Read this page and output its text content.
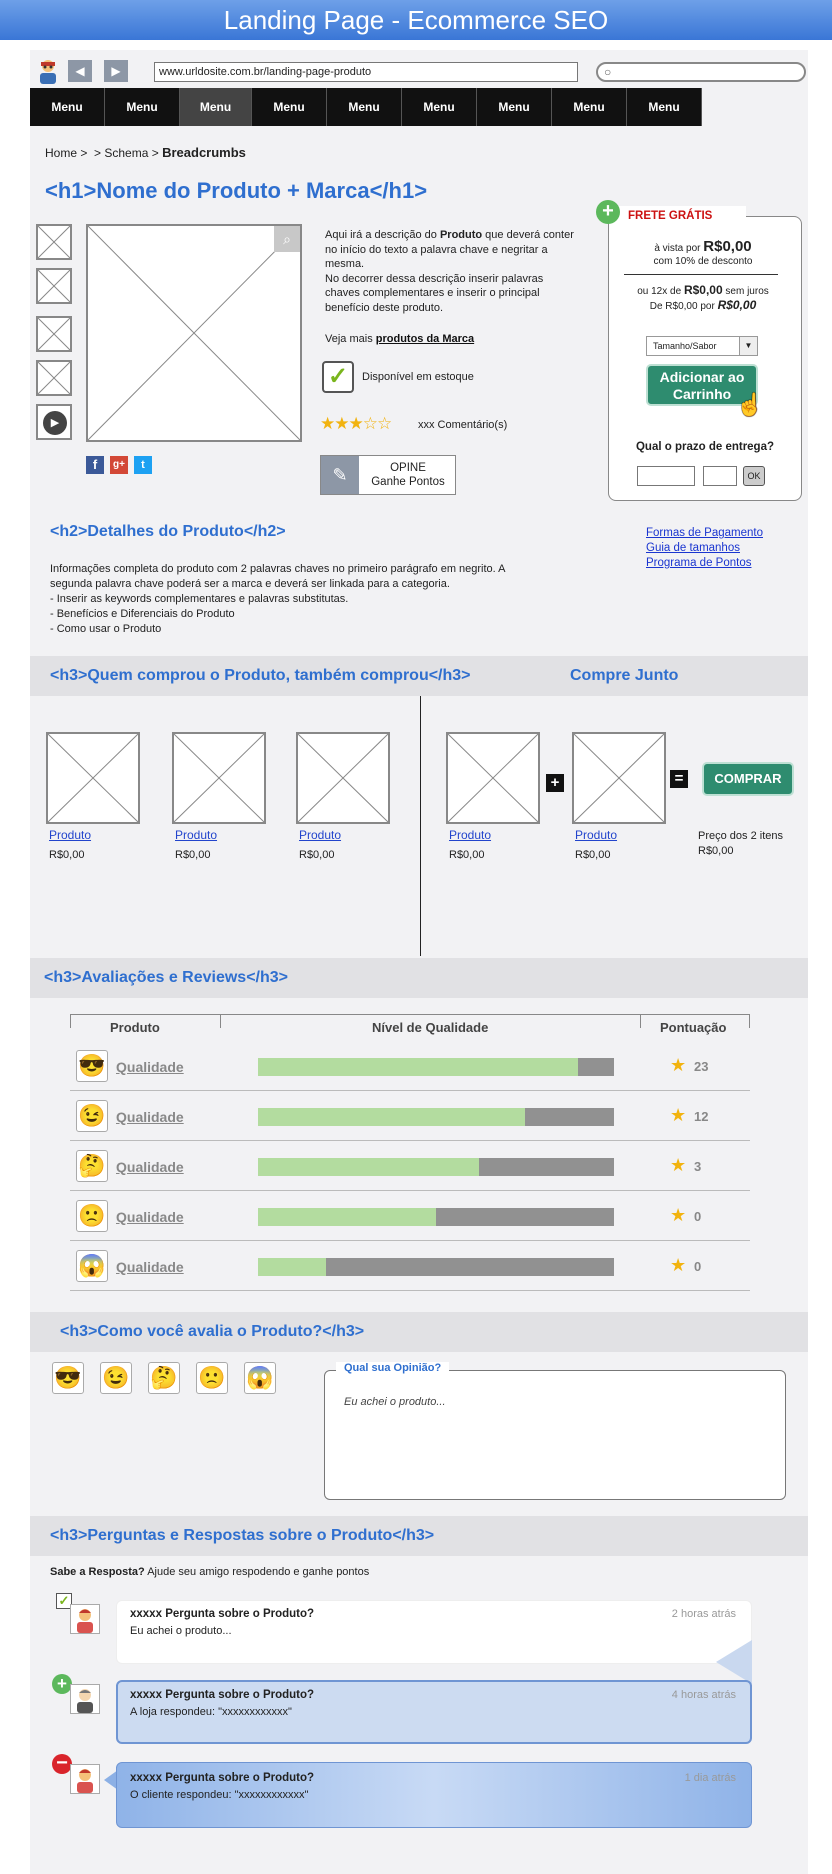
Landing Page - Ecommerce SEO
◀	▶	www.urldosite.com.br/landing-page-produto	○
Home > > Schema > Breadcrumbs
<h1>Nome do Produto + Marca</h1>
▶
⌕
f	g+	t
Aqui irá a descrição do Produto que deverá conter
no início do texto a palavra chave e negritar a
mesma.
No decorrer dessa descrição inserir palavras
chaves complementares e inserir o principal
benefício deste produto.
Veja mais produtos da Marca
✓	Disponível em estoque
★★★☆☆ xxx Comentário(s)
✎	OPINE
Ganhe Pontos
+	FRETE GRÁTIS
à vista por R$0,00
com 10% de desconto
ou 12x de R$0,00 sem juros
De R$0,00 por R$0,00
Tamanho/Sabor	▼
Adicionar ao
Carrinho ☝
Qual o prazo de entrega?
OK
<h2>Detalhes do Produto</h2>	Formas de Pagamento
Guia de tamanhos
Programa de Pontos
Informações completa do produto com 2 palavras chaves no primeiro parágrafo em negrito. A
segunda palavra chave poderá ser a marca e deverá ser linkada para a categoria.
- Inserir as keywords complementares e palavras substitutas.
- Benefícios e Diferenciais do Produto
- Como usar o Produto
<h3>Quem comprou o Produto, também comprou</h3>	Compre Junto
+	=	COMPRAR
Preço dos 2 itens
R$0,00
<h3>Avaliações e Reviews</h3>
Produto	Nível de Qualidade	Pontuação
<h3>Como você avalia o Produto?</h3>
Qual sua Opinião?
Eu achei o produto...
<h3>Perguntas e Respostas sobre o Produto</h3>
Sabe a Resposta? Ajude seu amigo respodendo e ganhe pontos
✓
+
−
Menu	Menu	Menu	Menu	Menu	Menu	Menu	Menu	Menu
Produto
R$0,00
Produto
R$0,00
Produto
R$0,00
Produto
R$0,00
Produto
R$0,00
😎 Qualidade	★ 23
😉 Qualidade	★ 12
🤔 Qualidade	★ 3
🙁 Qualidade	★ 0
😱 Qualidade	★ 0
😎 😉 🤔 🙁 😱
xxxxx Pergunta sobre o Produto?	2 horas atrás
Eu achei o produto...
xxxxx Pergunta sobre o Produto?	4 horas atrás
A loja respondeu: "xxxxxxxxxxxx"
xxxxx Pergunta sobre o Produto?	1 dia atrás
O cliente respondeu: "xxxxxxxxxxxx"
